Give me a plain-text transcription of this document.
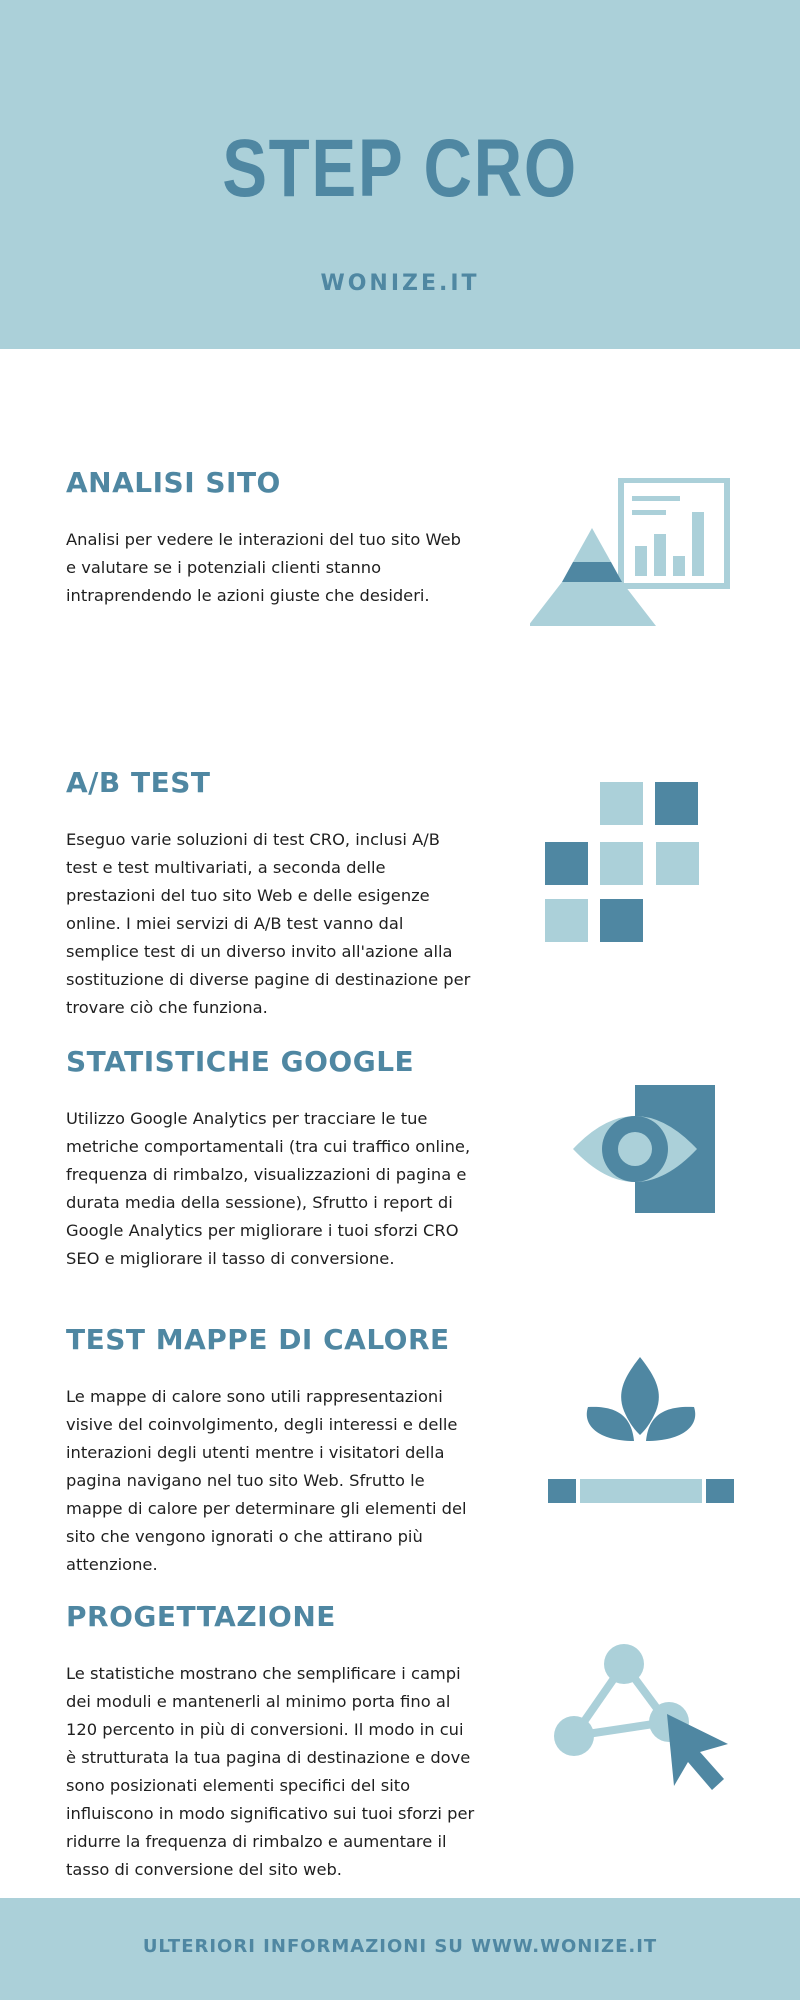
STEP CRO
WONIZE.IT
ANALISI SITO
Analisi per vedere le interazioni del tuo sito Web e valutare se i potenziali clienti stanno intraprendendo le azioni giuste che desideri.
A/B TEST
Eseguo varie soluzioni di test CRO, inclusi A/B test e test multivariati, a seconda delle prestazioni del tuo sito Web e delle esigenze online. I miei servizi di A/B test vanno dal semplice test di un diverso invito all'azione alla sostituzione di diverse pagine di destinazione per trovare ciò che funziona.
STATISTICHE GOOGLE
Utilizzo Google Analytics per tracciare le tue metriche comportamentali (tra cui traffico online, frequenza di rimbalzo, visualizzazioni di pagina e durata media della sessione), Sfrutto i report di Google Analytics per migliorare i tuoi sforzi CRO SEO e migliorare il tasso di conversione.
TEST MAPPE DI CALORE
Le mappe di calore sono utili rappresentazioni visive del coinvolgimento, degli interessi e delle interazioni degli utenti mentre i visitatori della pagina navigano nel tuo sito Web. Sfrutto le mappe di calore per determinare gli elementi del sito che vengono ignorati o che attirano più attenzione.
PROGETTAZIONE
Le statistiche mostrano che semplificare i campi dei moduli e mantenerli al minimo porta fino al 120 percento in più di conversioni. Il modo in cui è strutturata la tua pagina di destinazione e dove sono posizionati elementi specifici del sito influiscono in modo significativo sui tuoi sforzi per ridurre la frequenza di rimbalzo e aumentare il tasso di conversione del sito web.
ULTERIORI INFORMAZIONI SU WWW.WONIZE.IT
